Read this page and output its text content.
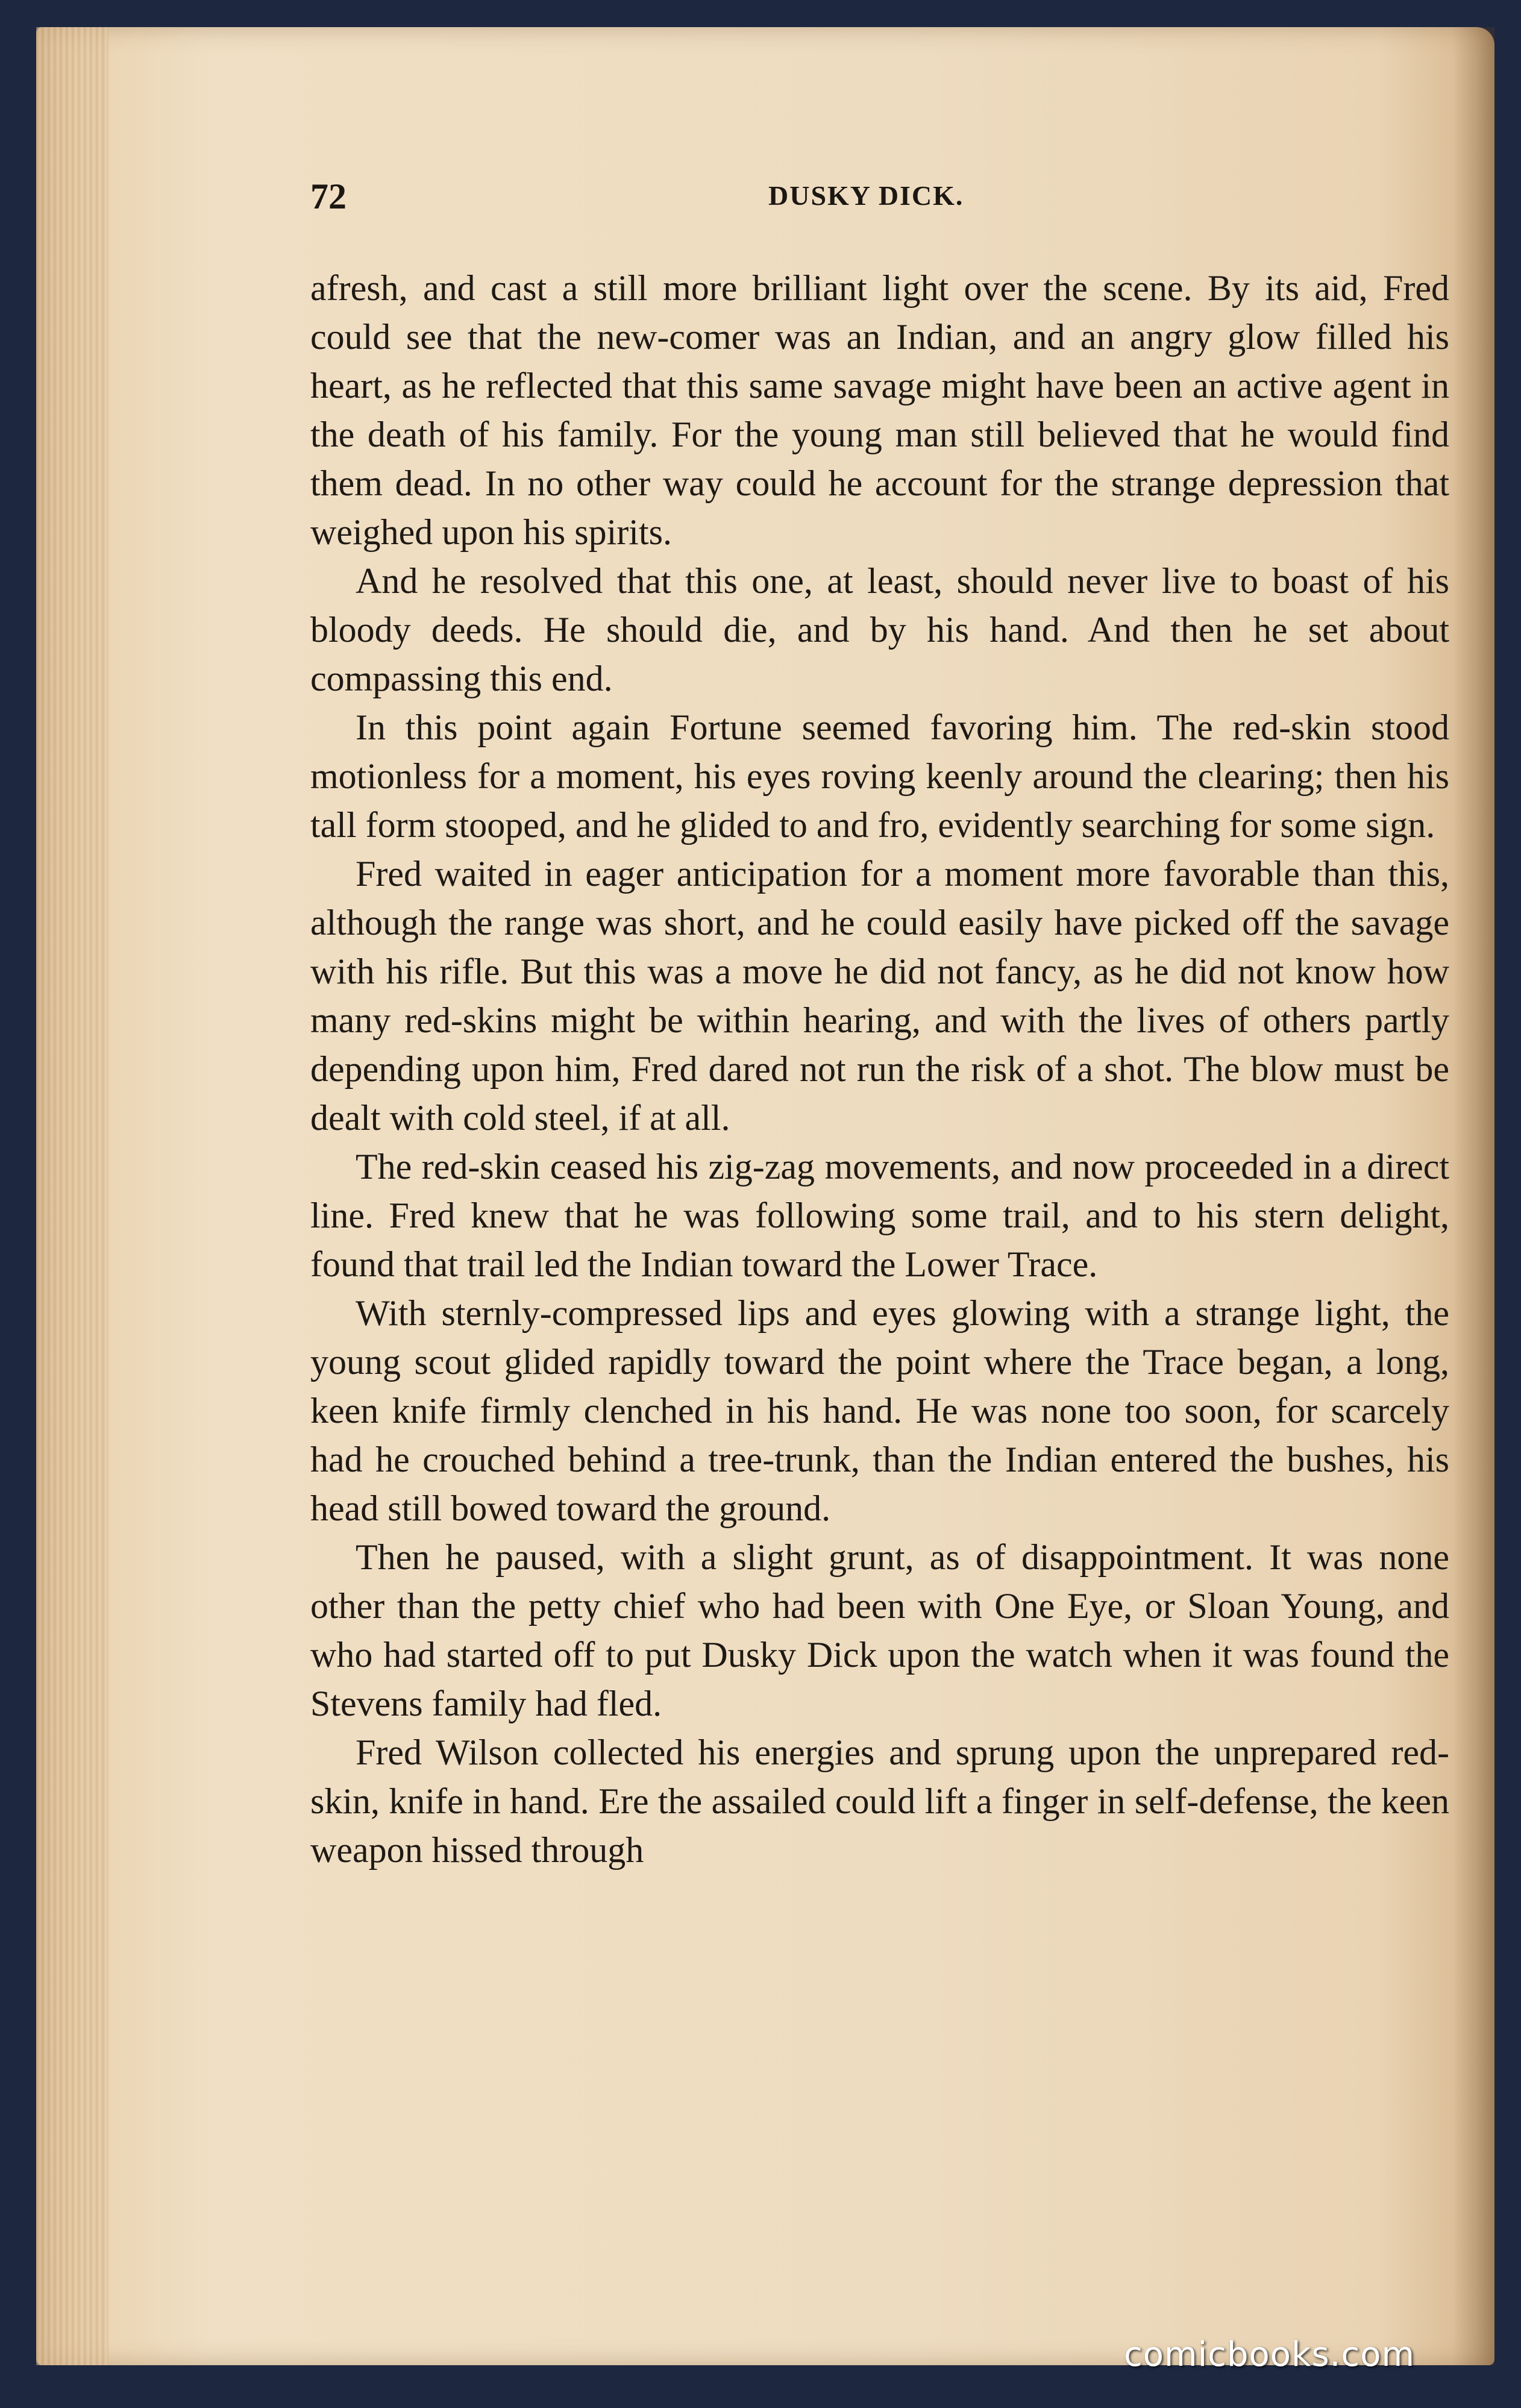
72	DUSKY DICK.

afresh, and cast a still more brilliant light over the scene. By its aid, Fred could see that the new-comer was an Indian, and an angry glow filled his heart, as he reflected that this same savage might have been an active agent in the death of his family. For the young man still believed that he would find them dead. In no other way could he account for the strange depression that weighed upon his spirits.

And he resolved that this one, at least, should never live to boast of his bloody deeds. He should die, and by his hand. And then he set about compassing this end.

In this point again Fortune seemed favoring him. The red-skin stood motionless for a moment, his eyes roving keenly around the clearing; then his tall form stooped, and he glided to and fro, evidently searching for some sign.

Fred waited in eager anticipation for a moment more favorable than this, although the range was short, and he could easily have picked off the savage with his rifle. But this was a move he did not fancy, as he did not know how many red-skins might be within hearing, and with the lives of others partly depending upon him, Fred dared not run the risk of a shot. The blow must be dealt with cold steel, if at all.

The red-skin ceased his zig-zag movements, and now proceeded in a direct line. Fred knew that he was following some trail, and to his stern delight, found that trail led the Indian toward the Lower Trace.

With sternly-compressed lips and eyes glowing with a strange light, the young scout glided rapidly toward the point where the Trace began, a long, keen knife firmly clenched in his hand. He was none too soon, for scarcely had he crouched behind a tree-trunk, than the Indian entered the bushes, his head still bowed toward the ground.

Then he paused, with a slight grunt, as of disappointment. It was none other than the petty chief who had been with One Eye, or Sloan Young, and who had started off to put Dusky Dick upon the watch when it was found the Stevens family had fled.

Fred Wilson collected his energies and sprung upon the unprepared red-skin, knife in hand. Ere the assailed could lift a finger in self-defense, the keen weapon hissed through

comicbooks.com
